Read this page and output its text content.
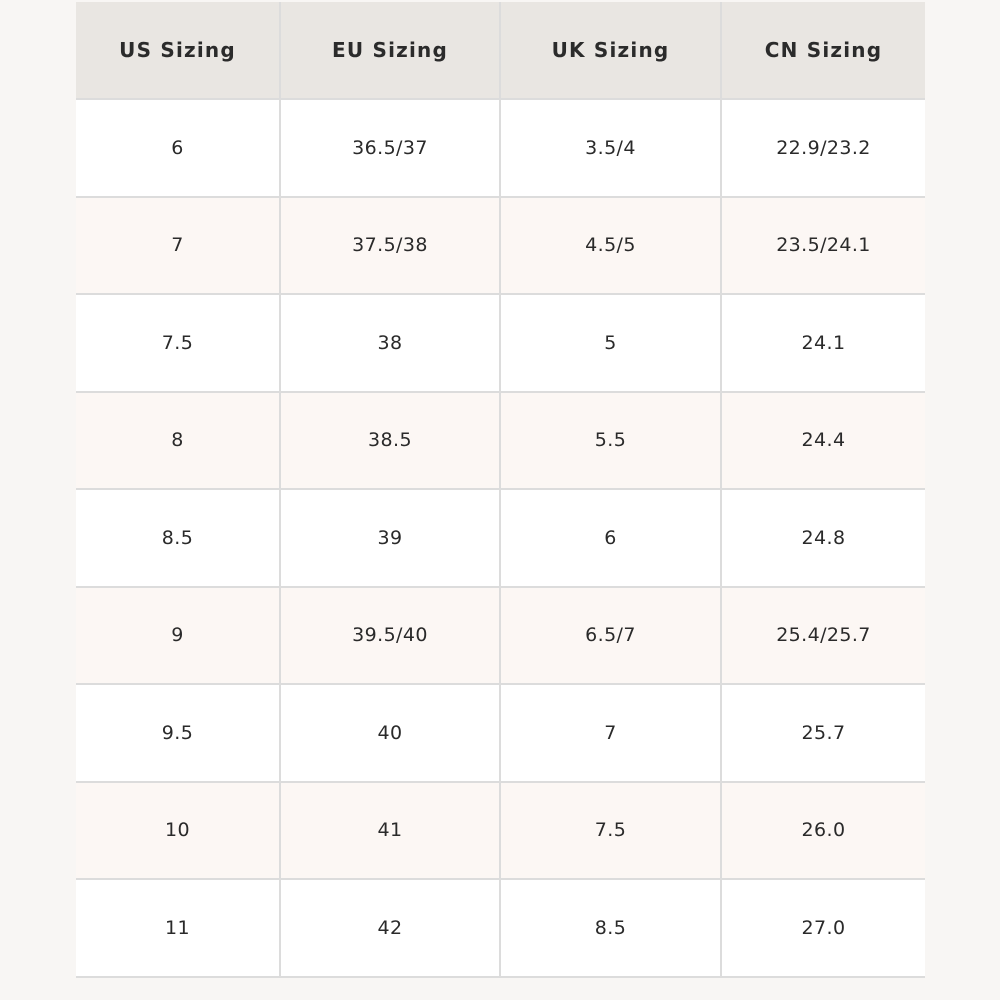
US Sizing	EU Sizing	UK Sizing	CN Sizing
6	36.5/37	3.5/4	22.9/23.2
7	37.5/38	4.5/5	23.5/24.1
7.5	38	5	24.1
8	38.5	5.5	24.4
8.5	39	6	24.8
9	39.5/40	6.5/7	25.4/25.7
9.5	40	7	25.7
10	41	7.5	26.0
11	42	8.5	27.0
